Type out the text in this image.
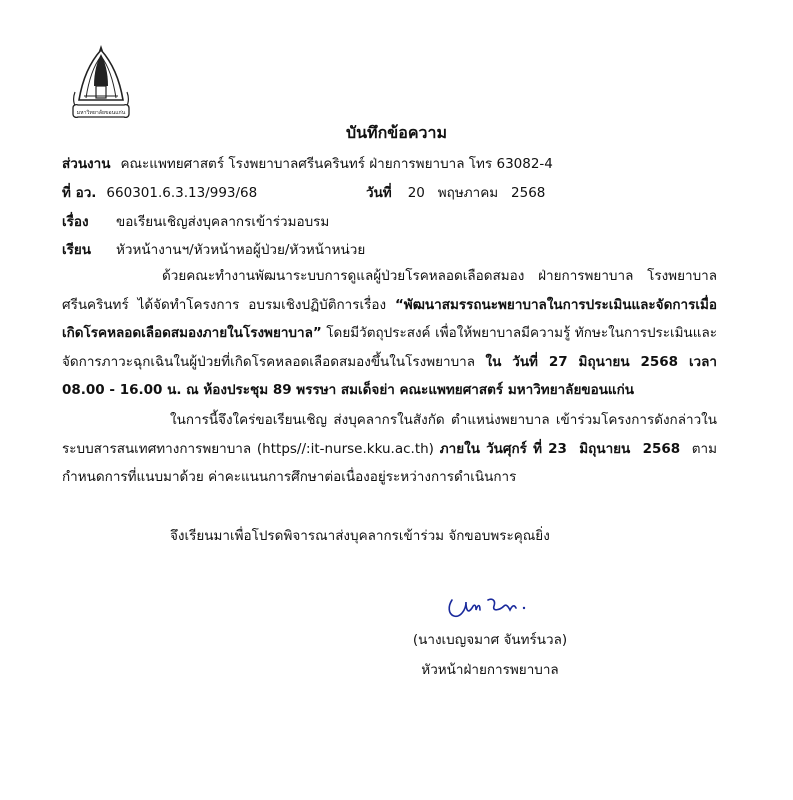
มหาวิทยาลัยขอนแก่น
บันทึกข้อความ
ส่วนงาน คณะแพทยศาสตร์ โรงพยาบาลศรีนครินทร์ ฝ่ายการพยาบาล โทร 63082-4
ที่ อว. 660301.6.3.13/993/68	วันที่ 20   พฤษภาคม   2568
เรื่อง ขอเรียนเชิญส่งบุคลากรเข้าร่วมอบรม
เรียน หัวหน้างานฯ/หัวหน้าหอผู้ป่วย/หัวหน้าหน่วย
ด้วยคณะทำงานพัฒนาระบบการดูแลผู้ป่วยโรคหลอดเลือดสมอง ฝ่ายการพยาบาล โรงพยาบาลศรีนครินทร์ ได้จัดทำโครงการ อบรมเชิงปฏิบัติการเรื่อง “พัฒนาสมรรถนะพยาบาลในการประเมินและจัดการเมื่อเกิดโรคหลอดเลือดสมองภายในโรงพยาบาล” โดยมีวัตถุประสงค์ เพื่อให้พยาบาลมีความรู้ ทักษะในการประเมินและจัดการภาวะฉุกเฉินในผู้ป่วยที่เกิดโรคหลอดเลือดสมองขึ้นในโรงพยาบาล ใน วันที่ 27 มิถุนายน 2568 เวลา 08.00 - 16.00 น. ณ ห้องประชุม 89 พรรษา สมเด็จย่า คณะแพทยศาสตร์ มหาวิทยาลัยขอนแก่น
ในการนี้จึงใคร่ขอเรียนเชิญ ส่งบุคลากรในสังกัด ตำแหน่งพยาบาล เข้าร่วมโครงการดังกล่าวในระบบสารสนเทศทางการพยาบาล (https//:it-nurse.kku.ac.th) ภายใน วันศุกร์ ที่ 23  มิถุนายน  2568  ตามกำหนดการที่แนบมาด้วย ค่าคะแนนการศึกษาต่อเนื่องอยู่ระหว่างการดำเนินการ
จึงเรียนมาเพื่อโปรดพิจารณาส่งบุคลากรเข้าร่วม จักขอบพระคุณยิ่ง
(นางเบญจมาศ จันทร์นวล)
หัวหน้าฝ่ายการพยาบาล
